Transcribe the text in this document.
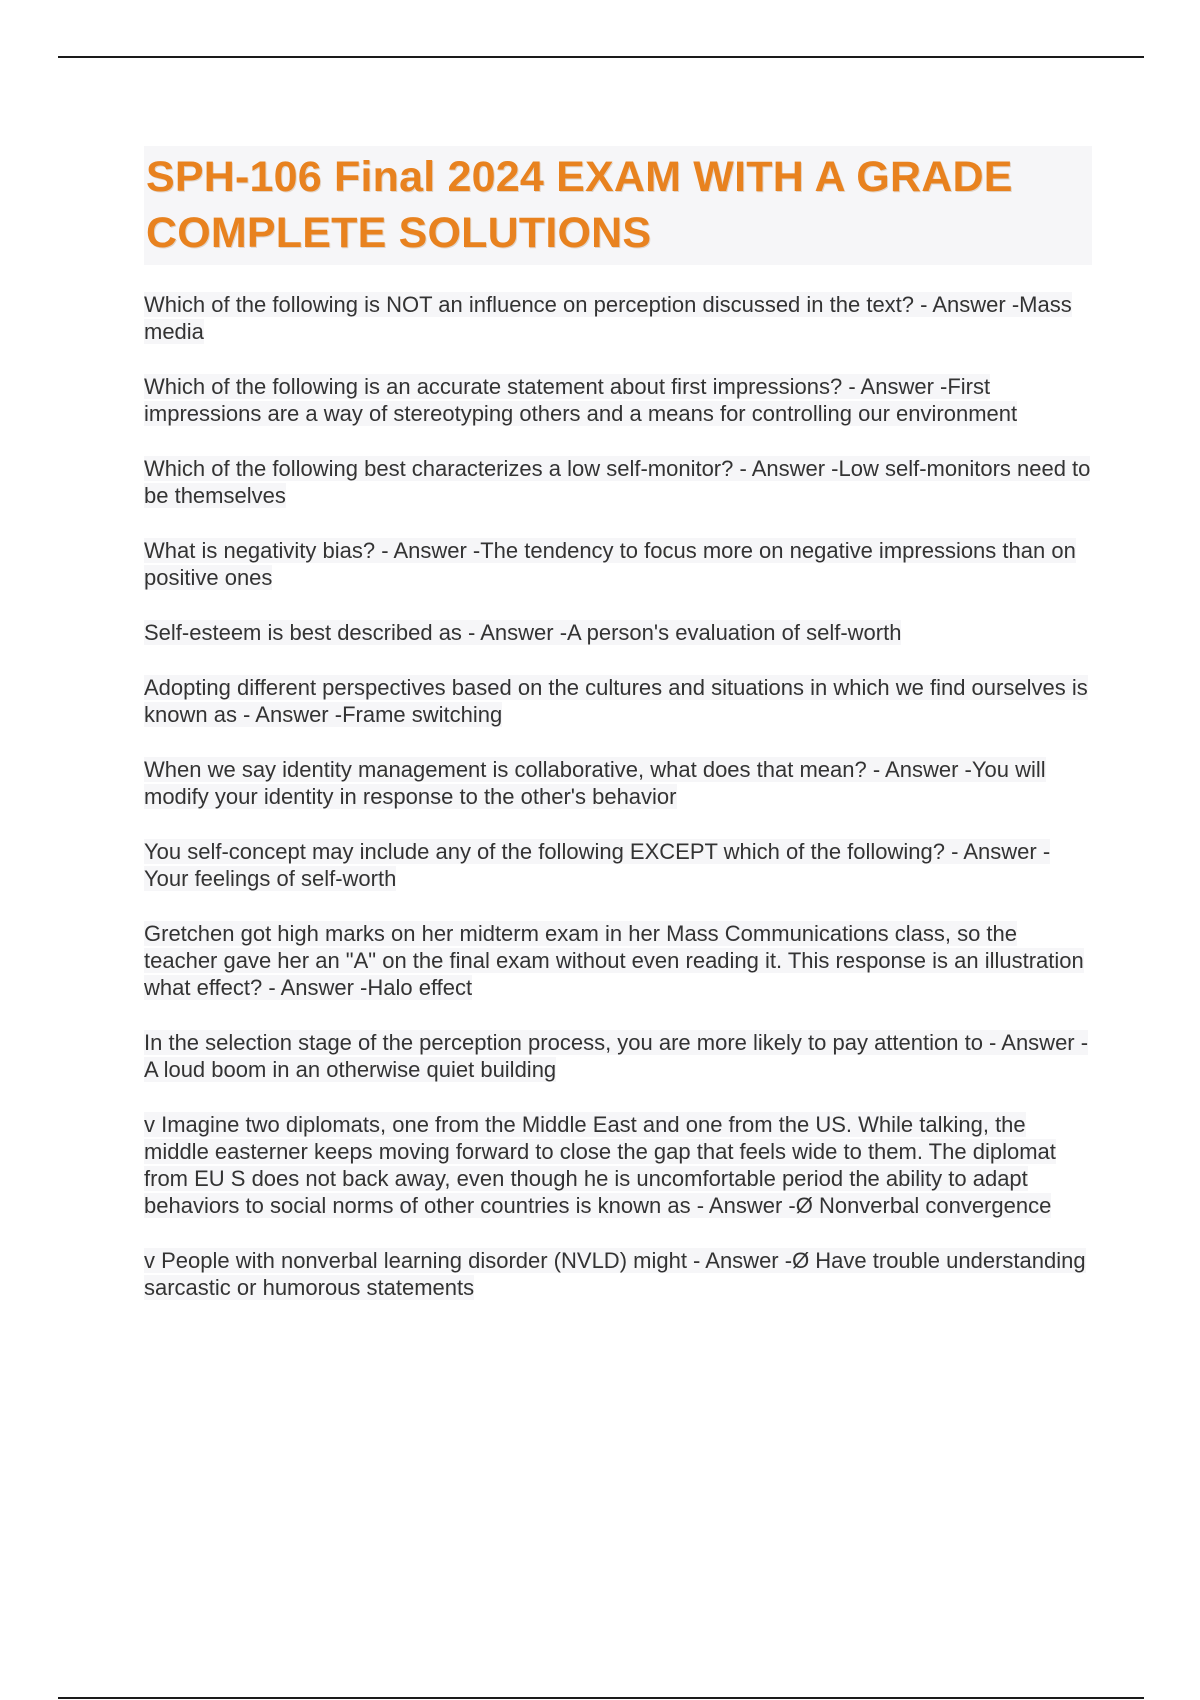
SPH-106 Final 2024 EXAM WITH A GRADE COMPLETE SOLUTIONS

Which of the following is NOT an influence on perception discussed in the text? - Answer -Mass media

Which of the following is an accurate statement about first impressions? - Answer -First impressions are a way of stereotyping others and a means for controlling our environment

Which of the following best characterizes a low self-monitor? - Answer -Low self-monitors need to be themselves

What is negativity bias? - Answer -The tendency to focus more on negative impressions than on positive ones

Self-esteem is best described as - Answer -A person's evaluation of self-worth

Adopting different perspectives based on the cultures and situations in which we find ourselves is known as - Answer -Frame switching

When we say identity management is collaborative, what does that mean? - Answer -You will modify your identity in response to the other's behavior

You self-concept may include any of the following EXCEPT which of the following? - Answer -Your feelings of self-worth

Gretchen got high marks on her midterm exam in her Mass Communications class, so the teacher gave her an "A" on the final exam without even reading it. This response is an illustration what effect? - Answer -Halo effect

In the selection stage of the perception process, you are more likely to pay attention to - Answer -A loud boom in an otherwise quiet building

v Imagine two diplomats, one from the Middle East and one from the US. While talking, the middle easterner keeps moving forward to close the gap that feels wide to them. The diplomat from EU S does not back away, even though he is uncomfortable period the ability to adapt behaviors to social norms of other countries is known as - Answer -Ø Nonverbal convergence

v People with nonverbal learning disorder (NVLD) might - Answer -Ø Have trouble understanding sarcastic or humorous statements
